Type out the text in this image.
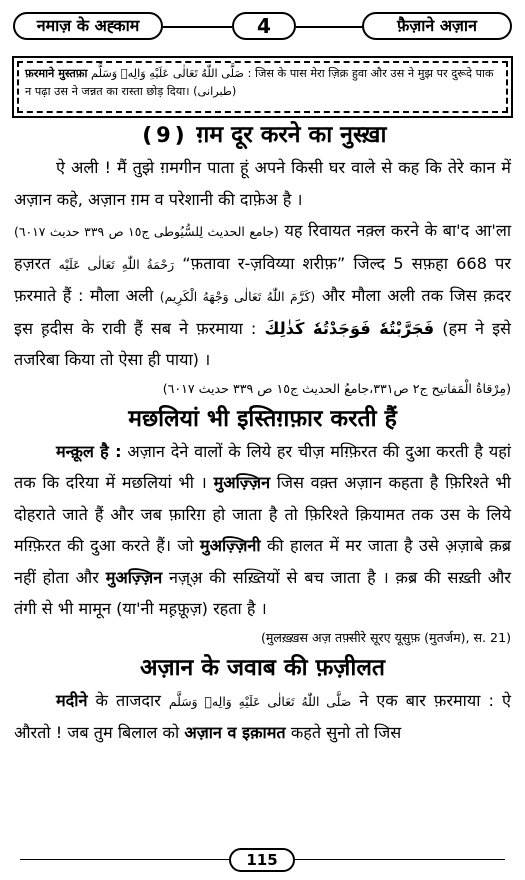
नमाज़ के अह्काम	4	फ़ैज़ाने अज़ान
फ़रमाने मुस्तफ़ा صَلَّى اللّٰهُ تَعَالٰى عَلَيْهِ وَالِهٖ وَسَلَّم : जिस के पास मेरा ज़िक्र हुवा और उस ने मुझ पर दुरूदे पाक न पढ़ा उस ने जन्नत का रास्ता छोड़ दिया। (طبرانی)
❪9❫ ग़म दूर करने का नुस्ख़ा

ऐ अली ! मैं तुझे ग़मगीन पाता हूं अपने किसी घर वाले से कह कि तेरे कान में अज़ान कहे, अज़ान ग़म व परेशानी की दाफ़ेअ है ।

(جامع الحديث لِلسُّيُوطی ج١٥ ص ٣٣٩ حديث ٦٠١٧) यह रिवायत नक़्ल करने के बा'द आ'ला हज़रत رَحْمَةُ اللّٰهِ تَعَالٰى عَلَيْه “फ़तावा र-ज़विय्या शरीफ़” जिल्द 5 सफ़हा 668 पर फ़रमाते हैं : मौला अली (كَرَّمَ اللّٰهُ تَعَالٰى وَجْهَهُ الْكَرِيم) और मौला अली तक जिस क़दर इस ह़दीस के रावी हैं सब ने फ़रमाया : فَجَرَّبْتُهٗ فَوَجَدْتُهٗ كَذٰلِكَ (हम ने इसे तजरिबा किया तो ऐसा ही पाया) ।

(مِرْقاةُ الْمَفاتيح ج٢ ص٣٣١،جامعُ الحديث ج١٥ ص ٣٣٩ حديث ٦٠١٧)

मछलियां भी इस्तिग़फ़ार करती हैं

मन्क़ूल है : अज़ान देने वालों के लिये हर चीज़ मग़्फ़िरत की दुआ करती है यहां तक कि दरिया में मछलियां भी । मुअज़्ज़िन जिस वक़्त अज़ान कहता है फ़िरिश्ते भी दोहराते जाते हैं और जब फ़ारिग़ हो जाता है तो फ़िरिश्ते क़ियामत तक उस के लिये मग़्फ़िरत की दुआ करते हैं। जो मुअज़्ज़िनी की हालत में मर जाता है उसे अ़ज़ाबे क़ब्र नहीं होता और मुअज़्ज़िन नज़्अ़ की सख़्तियों से बच जाता है । क़ब्र की सख़्ती और तंगी से भी मामून (या'नी मह़फ़ूज़) रहता है ।

(मुलख़्ख़स अज़ तफ़्सीरे सूरए यूसुफ़ (मुतर्जम), स. 21)

अज़ान के जवाब की फ़ज़ीलत

मदीने के ताजदार صَلَّى اللّٰهُ تَعَالٰى عَلَيْهِ وَالِهٖ وَسَلَّم ने एक बार फ़रमाया : ऐ औरतो ! जब तुम बिलाल को अज़ान व इक़ामत कहते सुनो तो जिस

115
